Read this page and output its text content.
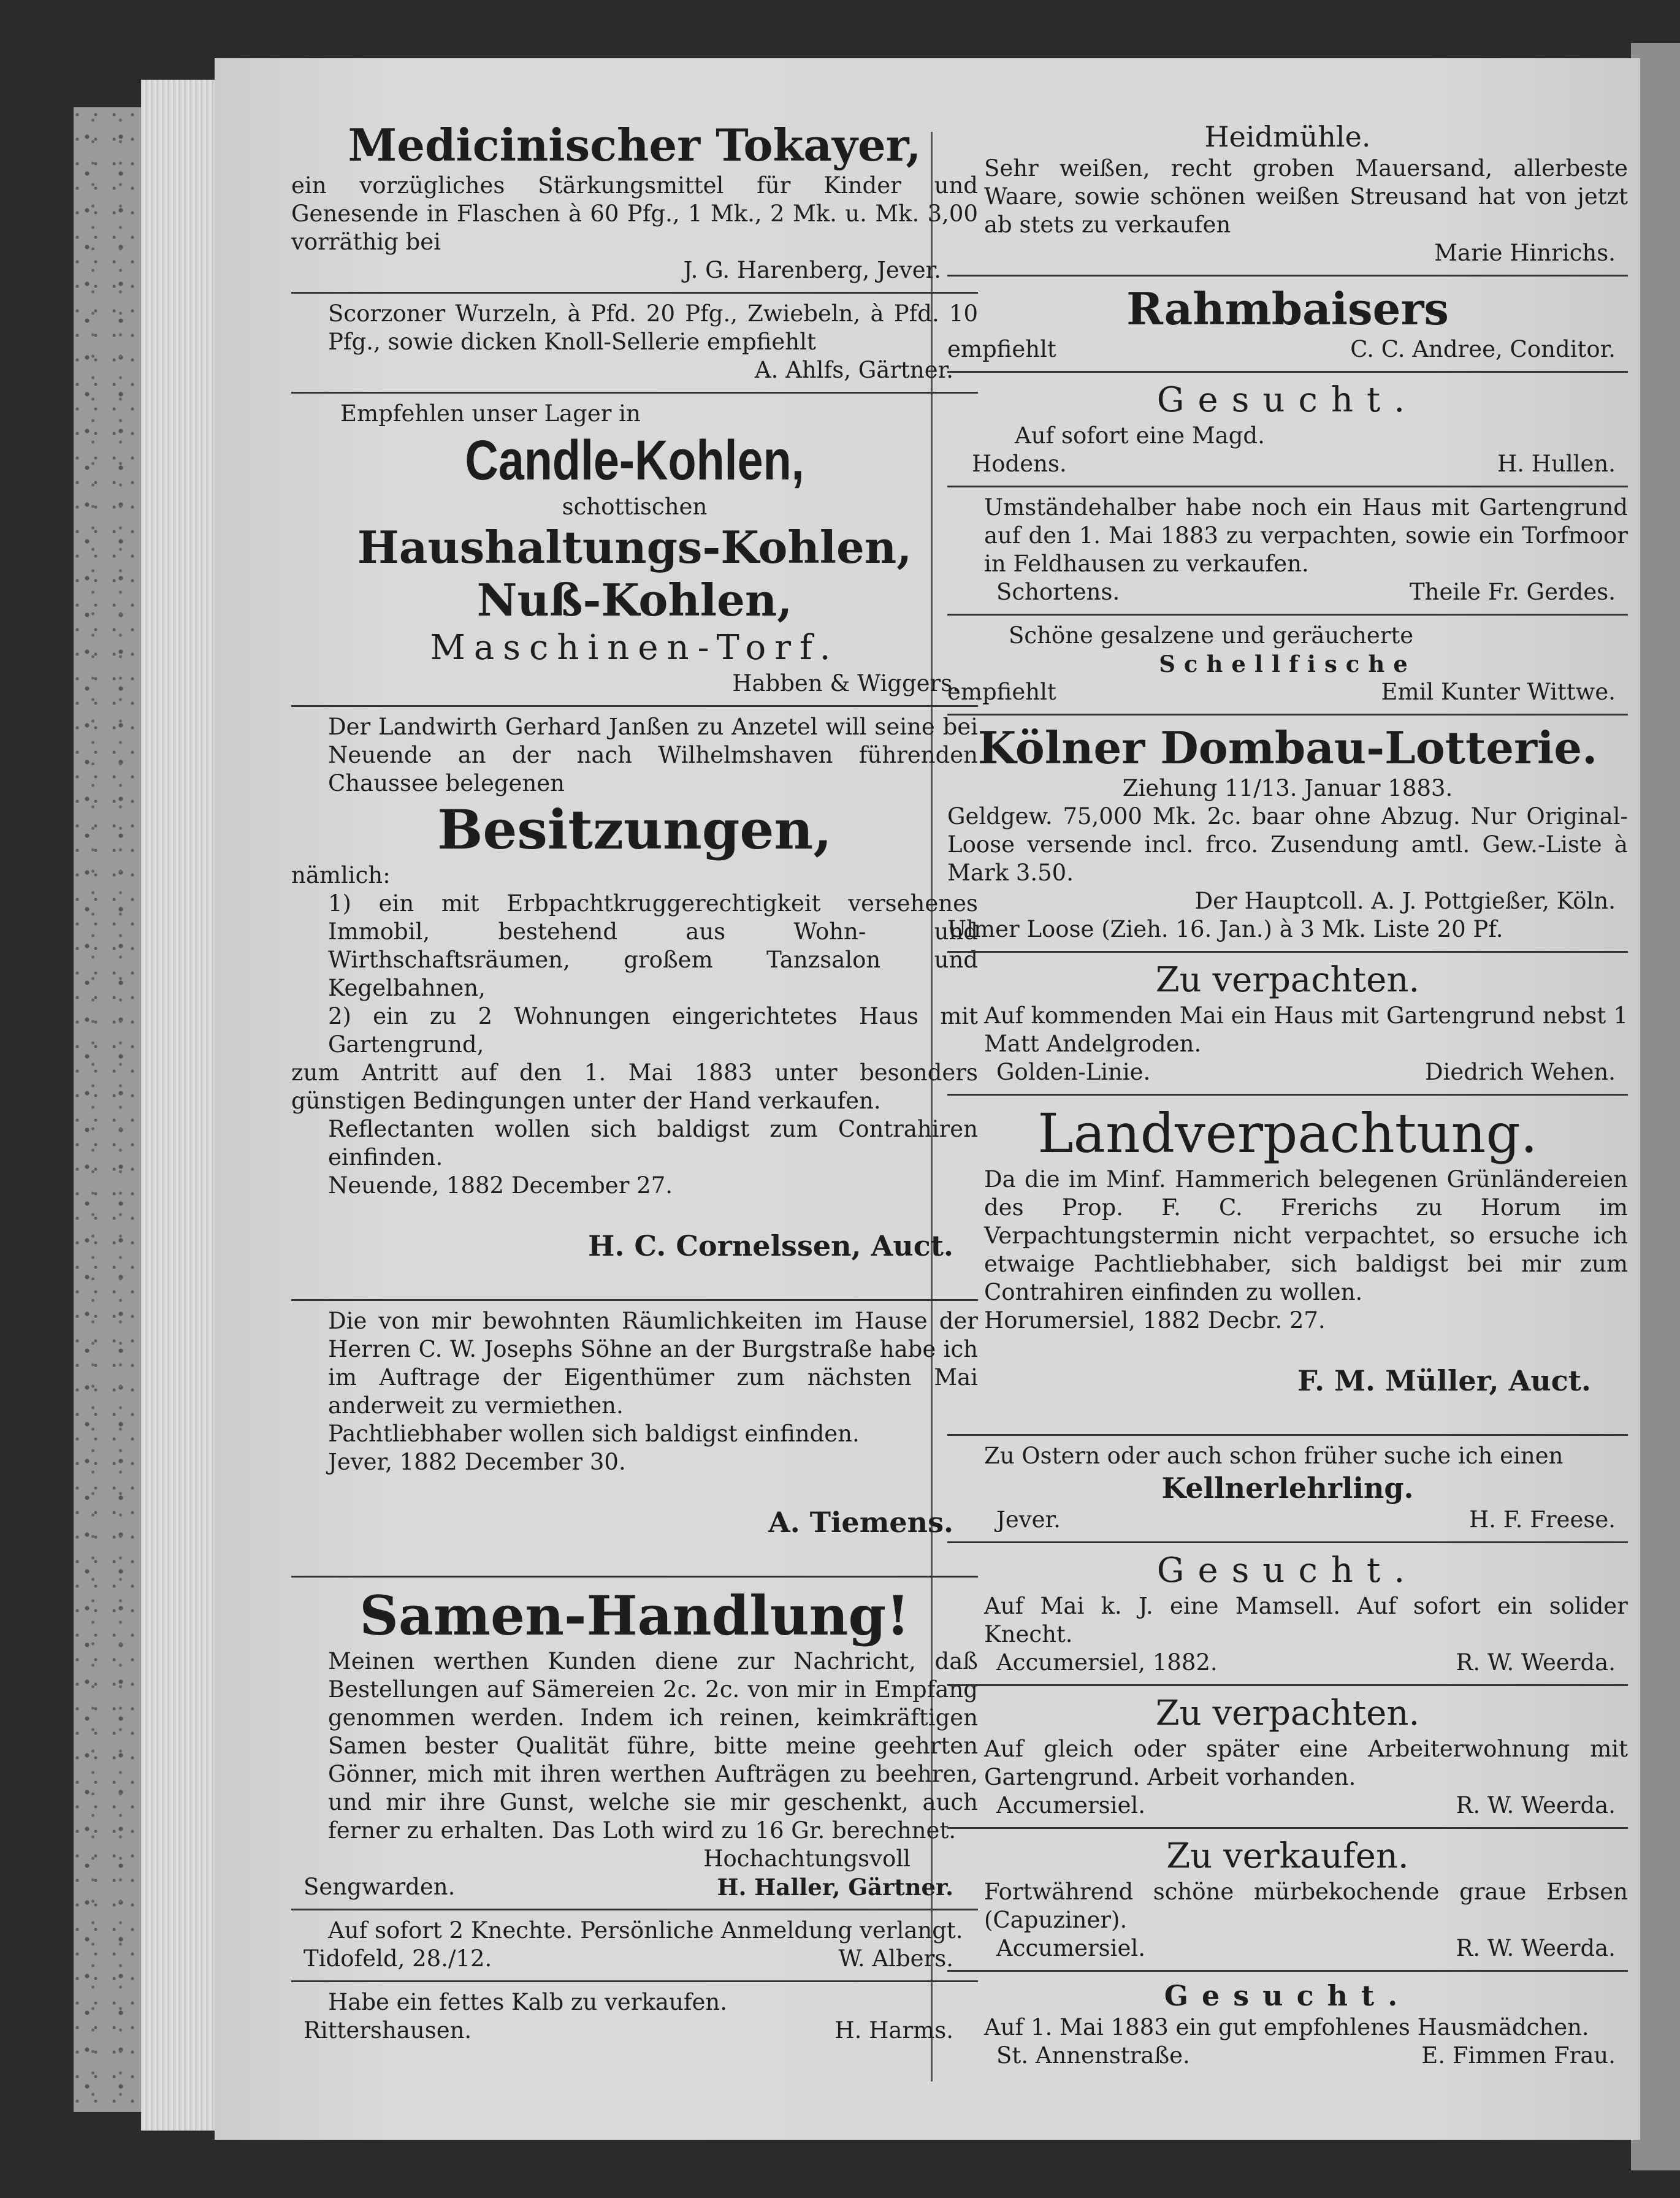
Medicinischer Tokayer,

ein vorzügliches Stärkungsmittel für Kinder und Genesende in Flaschen à 60 Pfg., 1 Mk., 2 Mk. u. Mk. 3,00 vorräthig bei

J. G. Harenberg, Jever.

Scorzoner Wurzeln, à Pfd. 20 Pfg., Zwiebeln, à Pfd. 10 Pfg., sowie dicken Knoll-Sellerie empfiehlt

A. Ahlfs, Gärtner.

Empfehlen unser Lager in

Candle-Kohlen,

schottischen

Haushaltungs-Kohlen,

Nuß-Kohlen,

Maschinen-Torf.

Habben & Wiggers.

Der Landwirth Gerhard Janßen zu Anzetel will seine bei Neuende an der nach Wilhelmshaven führenden Chaussee belegenen

Besitzungen,

nämlich:

1) ein mit Erbpachtkruggerechtigkeit versehenes Immobil, bestehend aus Wohn- und Wirthschaftsräumen, großem Tanzsalon und Kegelbahnen,

2) ein zu 2 Wohnungen eingerichtetes Haus mit Gartengrund,

zum Antritt auf den 1. Mai 1883 unter besonders günstigen Bedingungen unter der Hand verkaufen.

Reflectanten wollen sich baldigst zum Contrahiren einfinden.

Neuende, 1882 December 27.

H. C. Cornelssen, Auct.

Die von mir bewohnten Räumlichkeiten im Hause der Herren C. W. Josephs Söhne an der Burgstraße habe ich im Auftrage der Eigenthümer zum nächsten Mai anderweit zu vermiethen.

Pachtliebhaber wollen sich baldigst einfinden.

Jever, 1882 December 30.

A. Tiemens.

Samen-Handlung!

Meinen werthen Kunden diene zur Nachricht, daß Bestellungen auf Sämereien 2c. 2c. von mir in Empfang genommen werden. Indem ich reinen, keimkräftigen Samen bester Qualität führe, bitte meine geehrten Gönner, mich mit ihren werthen Aufträgen zu beehren, und mir ihre Gunst, welche sie mir geschenkt, auch ferner zu erhalten. Das Loth wird zu 16 Gr. berechnet.

Hochachtungsvoll

Sengwarden.	H. Haller, Gärtner.

Auf sofort 2 Knechte. Persönliche Anmeldung verlangt.

Tidofeld, 28./12.	W. Albers.

Habe ein fettes Kalb zu verkaufen.

Rittershausen.	H. Harms.

Heidmühle.

Sehr weißen, recht groben Mauersand, allerbeste Waare, sowie schönen weißen Streusand hat von jetzt ab stets zu verkaufen

Marie Hinrichs.

Rahmbaisers

empfiehlt	C. C. Andree, Conditor.

Gesucht.

Auf sofort eine Magd.

Hodens.	H. Hullen.

Umständehalber habe noch ein Haus mit Gartengrund auf den 1. Mai 1883 zu verpachten, sowie ein Torfmoor in Feldhausen zu verkaufen.

Schortens.	Theile Fr. Gerdes.

Schöne gesalzene und geräucherte

Schellfische

empfiehlt	Emil Kunter Wittwe.

Kölner Dombau-Lotterie.

Ziehung 11/13. Januar 1883.

Geldgew. 75,000 Mk. 2c. baar ohne Abzug. Nur Original-Loose versende incl. frco. Zusendung amtl. Gew.-Liste à Mark 3.50.

Der Hauptcoll. A. J. Pottgießer, Köln.

Ulmer Loose (Zieh. 16. Jan.) à 3 Mk. Liste 20 Pf.

Zu verpachten.

Auf kommenden Mai ein Haus mit Gartengrund nebst 1 Matt Andelgroden.

Golden-Linie.	Diedrich Wehen.

Landverpachtung.

Da die im Minf. Hammerich belegenen Grünländereien des Prop. F. C. Frerichs zu Horum im Verpachtungstermin nicht verpachtet, so ersuche ich etwaige Pachtliebhaber, sich baldigst bei mir zum Contrahiren einfinden zu wollen.

Horumersiel, 1882 Decbr. 27.

F. M. Müller, Auct.

Zu Ostern oder auch schon früher suche ich einen

Kellnerlehrling.

Jever.	H. F. Freese.

Gesucht.

Auf Mai k. J. eine Mamsell. Auf sofort ein solider Knecht.

Accumersiel, 1882.	R. W. Weerda.

Zu verpachten.

Auf gleich oder später eine Arbeiterwohnung mit Gartengrund. Arbeit vorhanden.

Accumersiel.	R. W. Weerda.

Zu verkaufen.

Fortwährend schöne mürbekochende graue Erbsen (Capuziner).

Accumersiel.	R. W. Weerda.

Gesucht.

Auf 1. Mai 1883 ein gut empfohlenes Hausmädchen.

St. Annenstraße.	E. Fimmen Frau.
